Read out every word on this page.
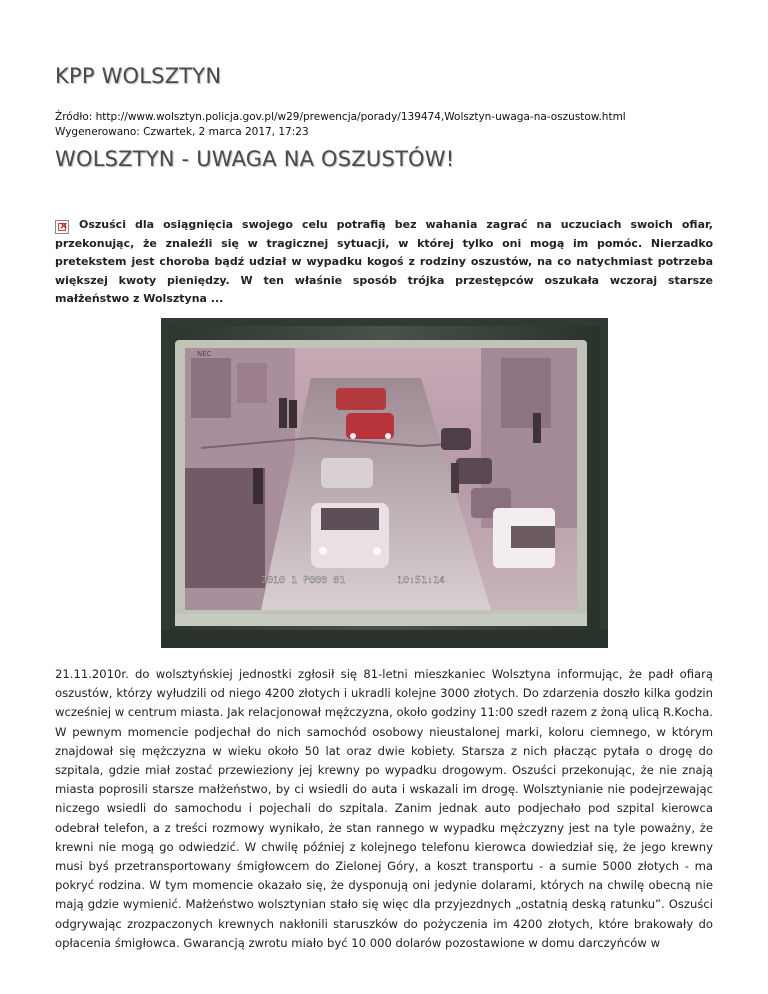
KPP WOLSZTYN
Źródło: http://www.wolsztyn.policja.gov.pl/w29/prewencja/porady/139474,Wolsztyn-uwaga-na-oszustow.html
Wygenerowano: Czwartek, 2 marca 2017, 17:23
WOLSZTYN - UWAGA NA OSZUSTÓW!
×

Oszuści dla osiągnięcia swojego celu potrafią bez wahania zagrać na uczuciach swoich ofiar, przekonując, że znaleźli się w tragicznej sytuacji, w której tylko oni mogą im pomóc. Nierzadko pretekstem jest choroba bądź udział w wypadku kogoś z rodziny oszustów, na co natychmiast potrzeba większej kwoty pieniędzy. W ten właśnie sposób trójka przestępców oszukała wczoraj starsze małżeństwo z Wolsztyna ...

NEC
2010 1 P000 01	10:51:14

21.11.2010r. do wolsztyńskiej jednostki zgłosił się 81-letni mieszkaniec Wolsztyna informując, że padł ofiarą oszustów, którzy wyłudzili od niego 4200 złotych i ukradli kolejne 3000 złotych. Do zdarzenia doszło kilka godzin wcześniej w centrum miasta. Jak relacjonował mężczyzna, około godziny 11:00 szedł razem z żoną ulicą R.Kocha. W pewnym momencie podjechał do nich samochód osobowy nieustalonej marki, koloru ciemnego, w którym znajdował się mężczyzna w wieku około 50 lat oraz dwie kobiety. Starsza z nich płacząc pytała o drogę do szpitala, gdzie miał zostać przewieziony jej krewny po wypadku drogowym. Oszuści przekonując, że nie znają miasta poprosili starsze małżeństwo, by ci wsiedli do auta i wskazali im drogę. Wolsztynianie nie podejrzewając niczego wsiedli do samochodu i pojechali do szpitala. Zanim jednak auto podjechało pod szpital kierowca odebrał telefon, a z treści rozmowy wynikało, że stan rannego w wypadku mężczyzny jest na tyle poważny, że krewni nie mogą go odwiedzić. W chwilę później z kolejnego telefonu kierowca dowiedział się, że jego krewny musi byś przetransportowany śmigłowcem do Zielonej Góry, a koszt transportu - a sumie 5000 złotych - ma pokryć rodzina. W tym momencie okazało się, że dysponują oni jedynie dolarami, których na chwilę obecną nie mają gdzie wymienić. Małżeństwo wolsztynian stało się więc dla przyjezdnych „ostatnią deską ratunku”. Oszuści odgrywając zrozpaczonych krewnych nakłonili staruszków do pożyczenia im 4200 złotych, które brakowały do opłacenia śmigłowca. Gwarancją zwrotu miało być 10 000 dolarów pozostawione w domu darczyńców w
